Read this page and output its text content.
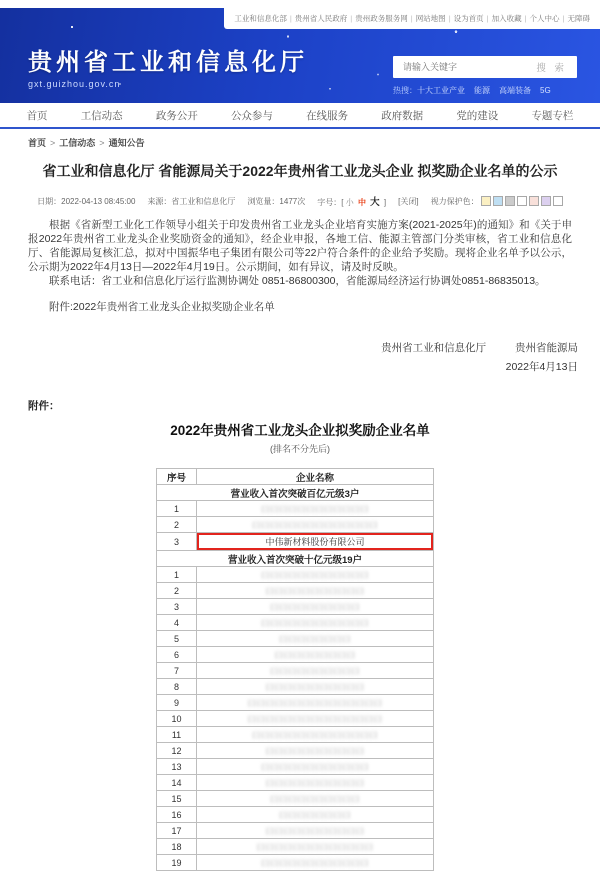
工业和信息化部 | 贵州省人民政府 | 贵州政务服务网 | 网站地图 | 设为首页 | 加入收藏 | 个人中心 | 无障碍
贵州省工业和信息化厅
gxt.guizhou.gov.cn
请输入关键字
搜 索
热搜：十大工业产业 能源 高端装备 5G
首页	工信动态	政务公开	公众参与	在线服务	政府数据	党的建设	专题专栏
首页 > 工信动态 > 通知公告
省工业和信息化厅 省能源局关于2022年贵州省工业龙头企业 拟奖励企业名单的公示
日期：2022-04-13 08:45:00 来源：省工业和信息化厅 浏览量：1477次 字号：[ 小 中 大 ] [关闭] 视力保护色：

根据《省新型工业化工作领导小组关于印发贵州省工业龙头企业培育实施方案(2021-2025年)的通知》和《关于申报2022年贵州省工业龙头企业奖励资金的通知》，经企业申报，各地工信、能源主管部门分类审核，省工业和信息化厅、省能源局复核汇总，拟对中国振华电子集团有限公司等22户符合条件的企业给予奖励。现将企业名单予以公示，公示期为2022年4月13日—2022年4月19日。公示期间，如有异议，请及时反映。

联系电话：省工业和信息化厅运行监测协调处 0851-86800300，省能源局经济运行协调处0851-86835013。

附件:2022年贵州省工业龙头企业拟奖励企业名单
贵州省工业和信息化厅	贵州省能源局
2022年4月13日
附件：
2022年贵州省工业龙头企业拟奖励企业名单
(排名不分先后)
序号	企业名称
营业收入首次突破百亿元级3户	
1	口口口口口口口口口口口口
2	口口口口口口口口口口口口口口
3	中伟新材料股份有限公司

营业收入首次突破十亿元级19户	
1	口口口口口口口口口口口口
2	口口口口口口口口口口口
3	口口口口口口口口口口
4	口口口口口口口口口口口口
5	口口口口口口口口
6	口口口口口口口口口
7	口口口口口口口口口口
8	口口口口口口口口口口口
9	口口口口口口口口口口口口口口口
10	口口口口口口口口口口口口口口口
11	口口口口口口口口口口口口口口
12	口口口口口口口口口口口
13	口口口口口口口口口口口口
14	口口口口口口口口口口口
15	口口口口口口口口口口
16	口口口口口口口口
17	口口口口口口口口口口口
18	口口口口口口口口口口口口口
19	口口口口口口口口口口口口
